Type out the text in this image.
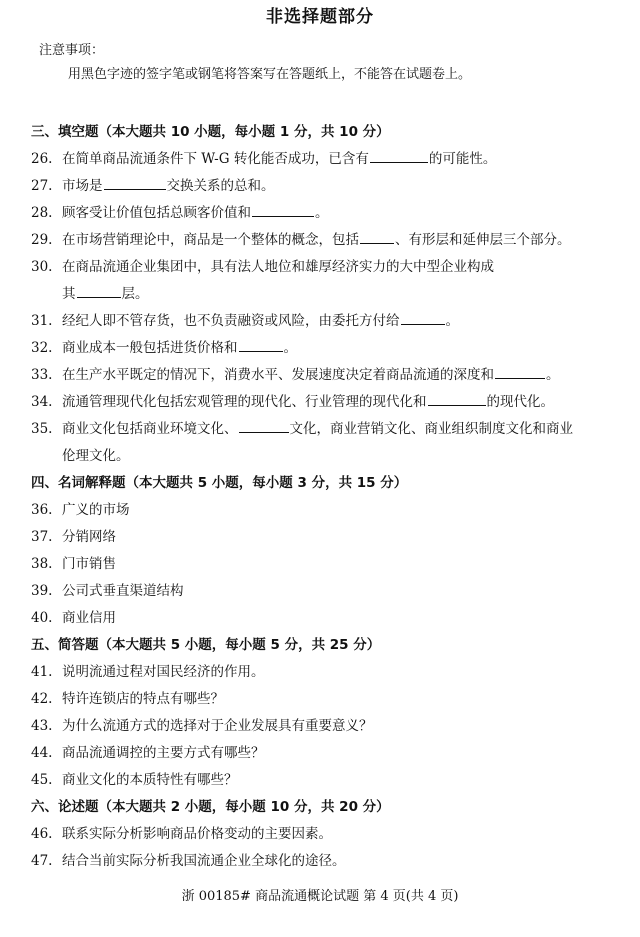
非选择题部分
注意事项：
用黑色字迹的签字笔或钢笔将答案写在答题纸上，不能答在试题卷上。
三、填空题（本大题共 10 小题，每小题 1 分，共 10 分）
26. 在简单商品流通条件下 W-G 转化能否成功，已含有	的可能性。
27. 市场是	交换关系的总和。
28. 顾客受让价值包括总顾客价值和	。
29. 在市场营销理论中，商品是一个整体的概念，包括	、有形层和延伸层三个部分。
30. 在商品流通企业集团中，具有法人地位和雄厚经济实力的大中型企业构成
其	层。
31. 经纪人即不管存货，也不负责融资或风险，由委托方付给	。
32. 商业成本一般包括进货价格和	。
33. 在生产水平既定的情况下，消费水平、发展速度决定着商品流通的深度和	。
34. 流通管理现代化包括宏观管理的现代化、行业管理的现代化和	的现代化。
35. 商业文化包括商业环境文化、	文化，商业营销文化、商业组织制度文化和商业
伦理文化。
四、名词解释题（本大题共 5 小题，每小题 3 分，共 15 分）
36. 广义的市场
37. 分销网络
38. 门市销售
39. 公司式垂直渠道结构
40. 商业信用
五、简答题（本大题共 5 小题，每小题 5 分，共 25 分）
41. 说明流通过程对国民经济的作用。
42. 特许连锁店的特点有哪些？
43. 为什么流通方式的选择对于企业发展具有重要意义？
44. 商品流通调控的主要方式有哪些？
45. 商业文化的本质特性有哪些？
六、论述题（本大题共 2 小题，每小题 10 分，共 20 分）
46. 联系实际分析影响商品价格变动的主要因素。
47. 结合当前实际分析我国流通企业全球化的途径。
浙 00185# 商品流通概论试题 第 4 页(共 4 页)
